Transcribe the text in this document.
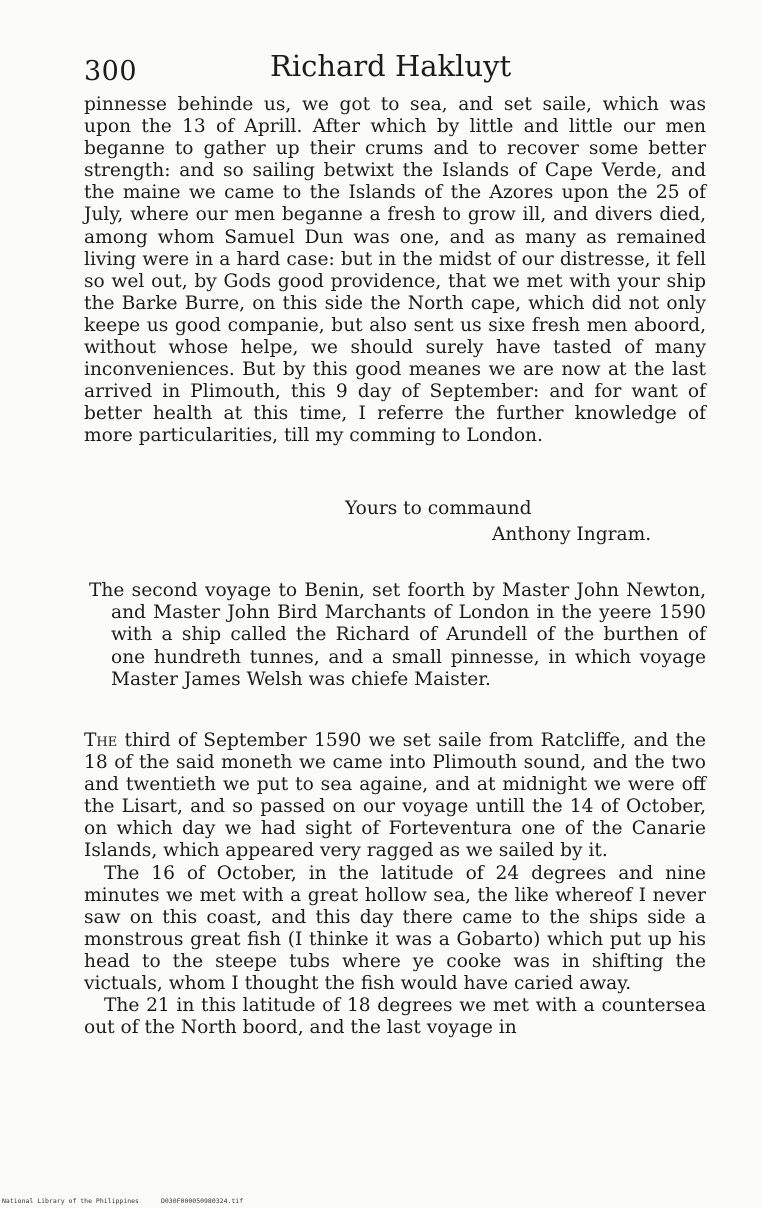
300	Richard Hakluyt

pinnesse behinde us, we got to sea, and set saile, which was upon the 13 of Aprill. After which by little and little our men beganne to gather up their crums and to recover some better strength: and so sailing betwixt the Islands of Cape Verde, and the maine we came to the Islands of the Azores upon the 25 of July, where our men beganne a fresh to grow ill, and divers died, among whom Samuel Dun was one, and as many as remained living were in a hard case: but in the midst of our distresse, it fell so wel out, by Gods good providence, that we met with your ship the Barke Burre, on this side the North cape, which did not only keepe us good companie, but also sent us sixe fresh men aboord, without whose helpe, we should surely have tasted of many inconveniences. But by this good meanes we are now at the last arrived in Plimouth, this 9 day of September: and for want of better health at this time, I referre the further knowledge of more particularities, till my comming to London.

Yours to commaund
Anthony Ingram.
The second voyage to Benin, set foorth by Master John Newton, and Master John Bird Marchants of London in the yeere 1590 with a ship called the Richard of Arundell of the burthen of one hundreth tunnes, and a small pinnesse, in which voyage Master James Welsh was chiefe Maister.

The third of September 1590 we set saile from Ratcliffe, and the 18 of the said moneth we came into Plimouth sound, and the two and twentieth we put to sea againe, and at midnight we were off the Lisart, and so passed on our voyage untill the 14 of October, on which day we had sight of Forteventura one of the Canarie Islands, which appeared very ragged as we sailed by it.

The 16 of October, in the latitude of 24 degrees and nine minutes we met with a great hollow sea, the like whereof I never saw on this coast, and this day there came to the ships side a monstrous great fish (I thinke it was a Gobarto) which put up his head to the steepe tubs where ye cooke was in shifting the victuals, whom I thought the fish would have caried away.

The 21 in this latitude of 18 degrees we met with a countersea out of the North boord, and the last voyage in

National Library of the Philippines	D030F000050980324.tif
